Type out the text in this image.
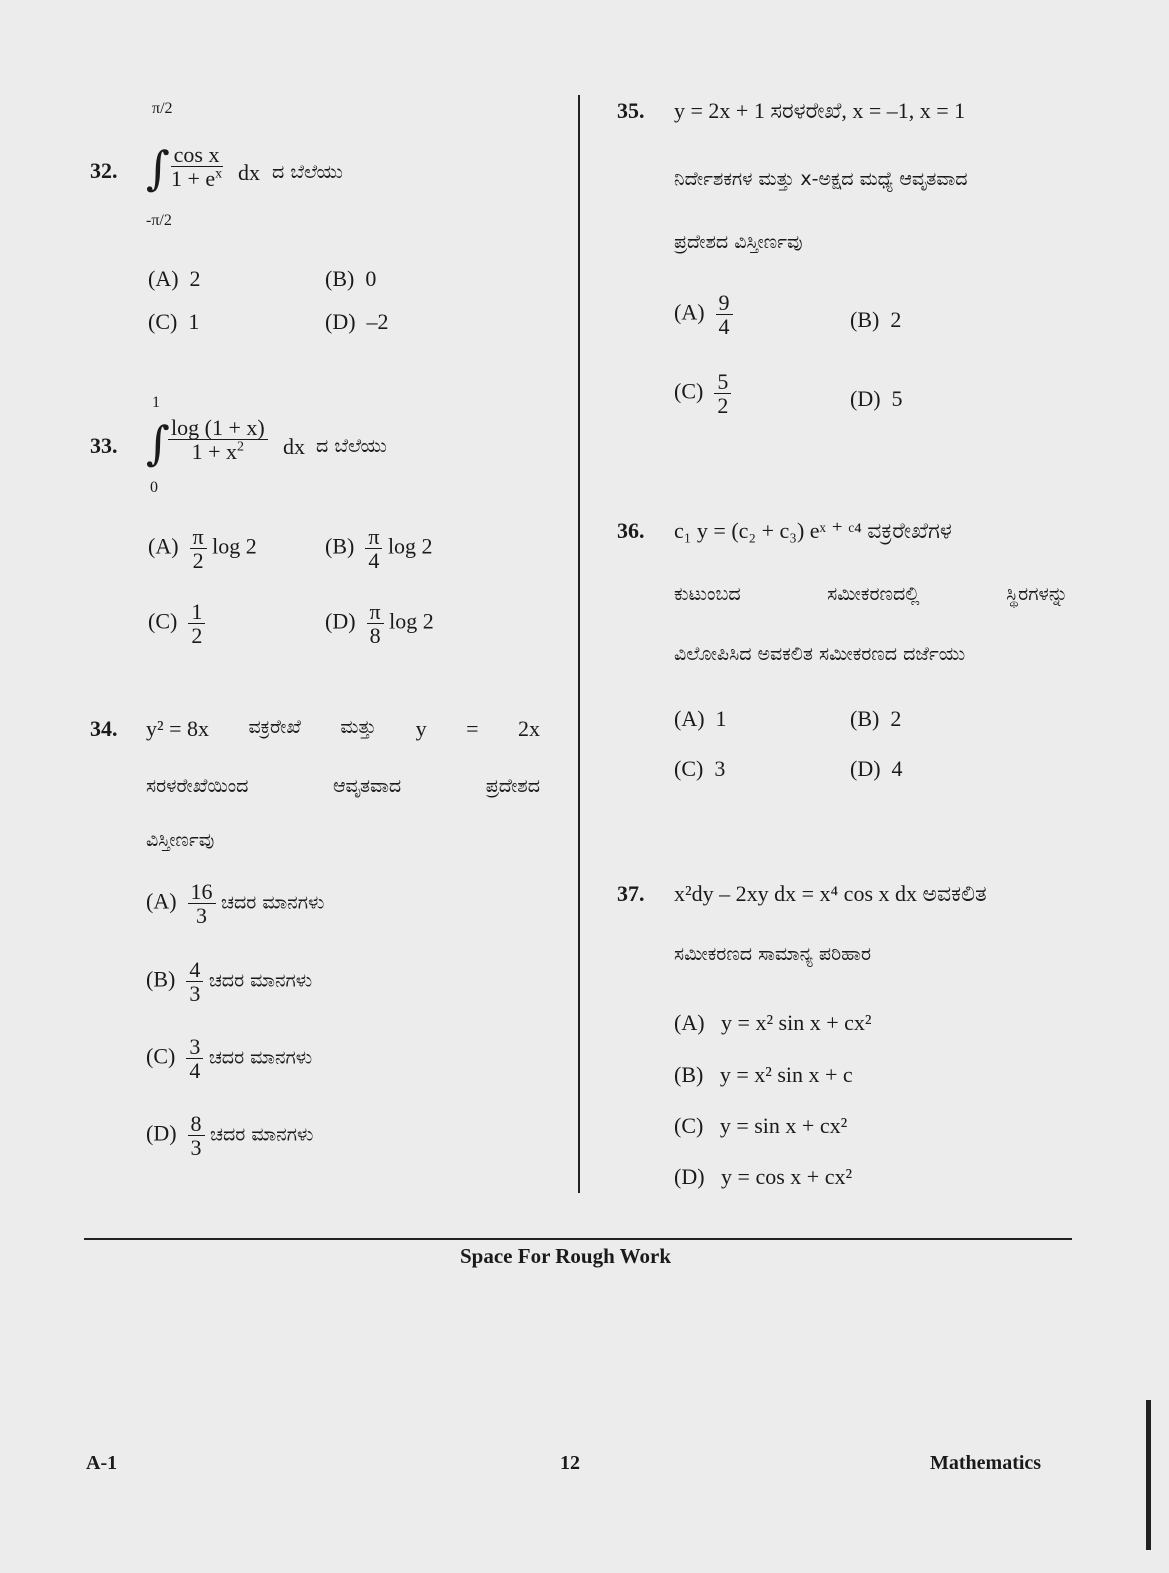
32.
π/2
∫
-π/2
$\frac{\text{cos x}}{1 + e^x}$ dx ದ ಬೆಲೆಯು
(A) 2	(B) 0
(C) 1	(D) –2
33.
1
∫
0
$\frac{\log (1 + x)}{1 + x^2}$ dx ದ ಬೆಲೆಯು
$(A) \frac{\pi}{2}$ log 2	$(B) \frac{\pi}{4}$ log 2
$(C) \frac{1}{2}$	$(D) \frac{\pi}{8}$ log 2
34. y² = 8x ವಕ್ರರೇಖೆ ಮತ್ತು y = 2x
ಸರಳರೇಖೆಯಿಂದ	ಆವೃತವಾದ	ಪ್ರದೇಶದ
ವಿಸ್ತೀರ್ಣವು
$(A) \frac{16}{3}$ ಚದರ ಮಾನಗಳು
$(B) \frac{4}{3}$ ಚದರ ಮಾನಗಳು
$(C) \frac{3}{4}$ ಚದರ ಮಾನಗಳು
$(D) \frac{8}{3}$ ಚದರ ಮಾನಗಳು
35. y = 2x + 1 ಸರಳರೇಖೆ, x = –1, x = 1
ನಿರ್ದೇಶಕಗಳ ಮತ್ತು x-ಅಕ್ಷದ ಮಧ್ಯೆ ಆವೃತವಾದ
ಪ್ರದೇಶದ ವಿಸ್ತೀರ್ಣವು
$(A) \frac{9}{4}$	(B) 2
$(C) \frac{5}{2}$	(D) 5
36. c₁ y = (c₂ + c₃) eˣ ⁺ ᶜ⁴ ವಕ್ರರೇಖೆಗಳ
ಕುಟುಂಬದ	ಸಮೀಕರಣದಲ್ಲಿ	ಸ್ಥಿರಗಳನ್ನು
ವಿಲೋಪಿಸಿದ ಅವಕಲಿತ ಸಮೀಕರಣದ ದರ್ಜೆಯು
(A) 1	(B) 2
(C) 3	(D) 4
37. x²dy – 2xy dx = x⁴ cos x dx ಅವಕಲಿತ
ಸಮೀಕರಣದ ಸಾಮಾನ್ಯ ಪರಿಹಾರ
(A) y = x² sin x + cx²
(B) y = x² sin x + c
(C) y = sin x + cx²
(D) y = cos x + cx²
Space For Rough Work
A-1	12	Mathematics
